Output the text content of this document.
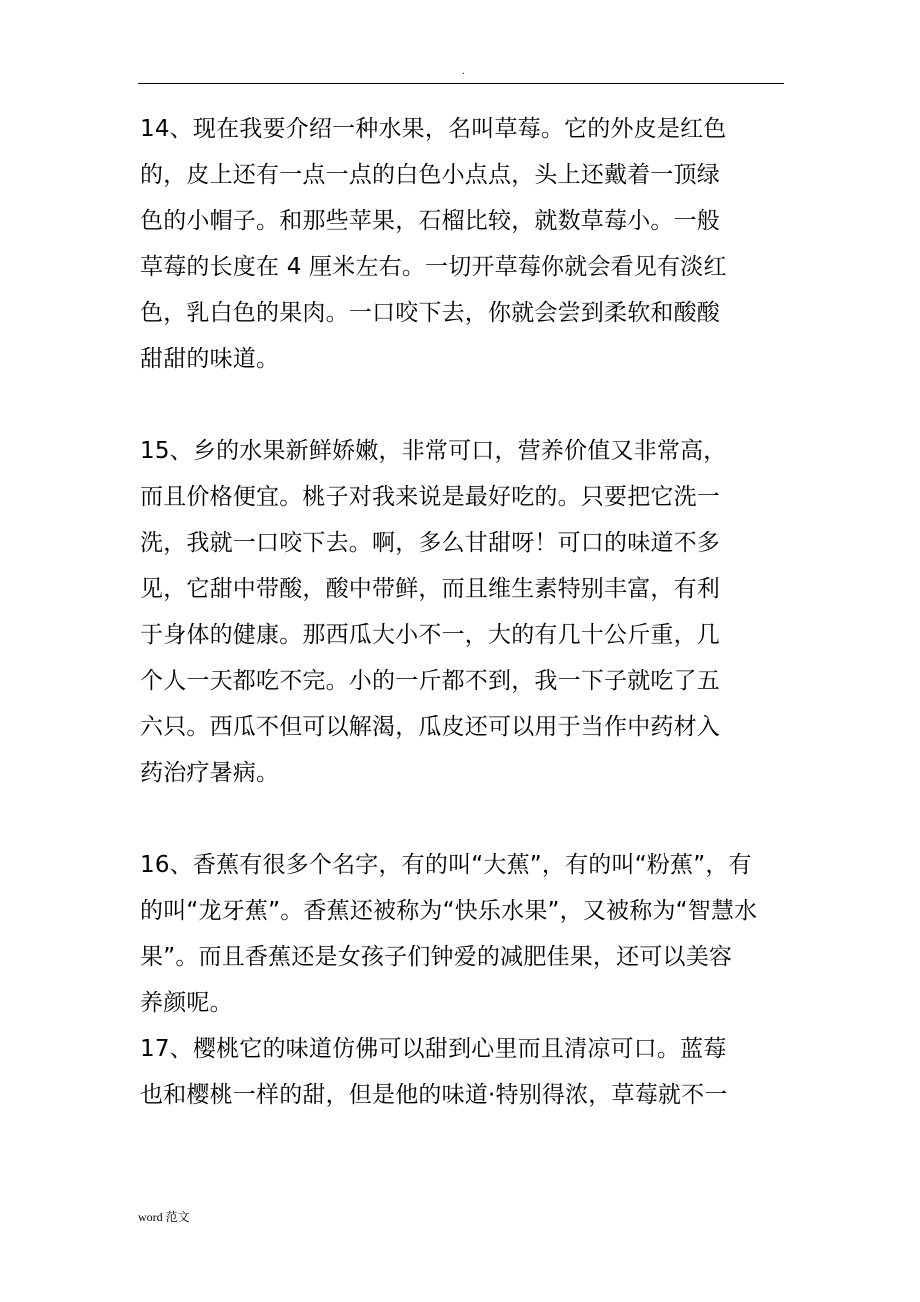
.
14、现在我要介绍一种水果，名叫草莓。它的外皮是红色
的，皮上还有一点一点的白色小点点，头上还戴着一顶绿
色的小帽子。和那些苹果，石榴比较，就数草莓小。一般
草莓的长度在 4 厘米左右。一切开草莓你就会看见有淡红
色，乳白色的果肉。一口咬下去，你就会尝到柔软和酸酸
甜甜的味道。
15、乡的水果新鲜娇嫩，非常可口，营养价值又非常高，
而且价格便宜。桃子对我来说是最好吃的。只要把它洗一
洗，我就一口咬下去。啊，多么甘甜呀！可口的味道不多
见，它甜中带酸，酸中带鲜，而且维生素特别丰富，有利
于身体的健康。那西瓜大小不一，大的有几十公斤重，几
个人一天都吃不完。小的一斤都不到，我一下子就吃了五
六只。西瓜不但可以解渴，瓜皮还可以用于当作中药材入
药治疗暑病。
16、香蕉有很多个名字，有的叫“大蕉”，有的叫“粉蕉”，有
的叫“龙牙蕉”。香蕉还被称为“快乐水果”，又被称为“智慧水
果”。而且香蕉还是女孩子们钟爱的减肥佳果，还可以美容
养颜呢。
17、樱桃它的味道仿佛可以甜到心里而且清凉可口。蓝莓
也和樱桃一样的甜，但是他的味道·特别得浓，草莓就不一
word 范文
